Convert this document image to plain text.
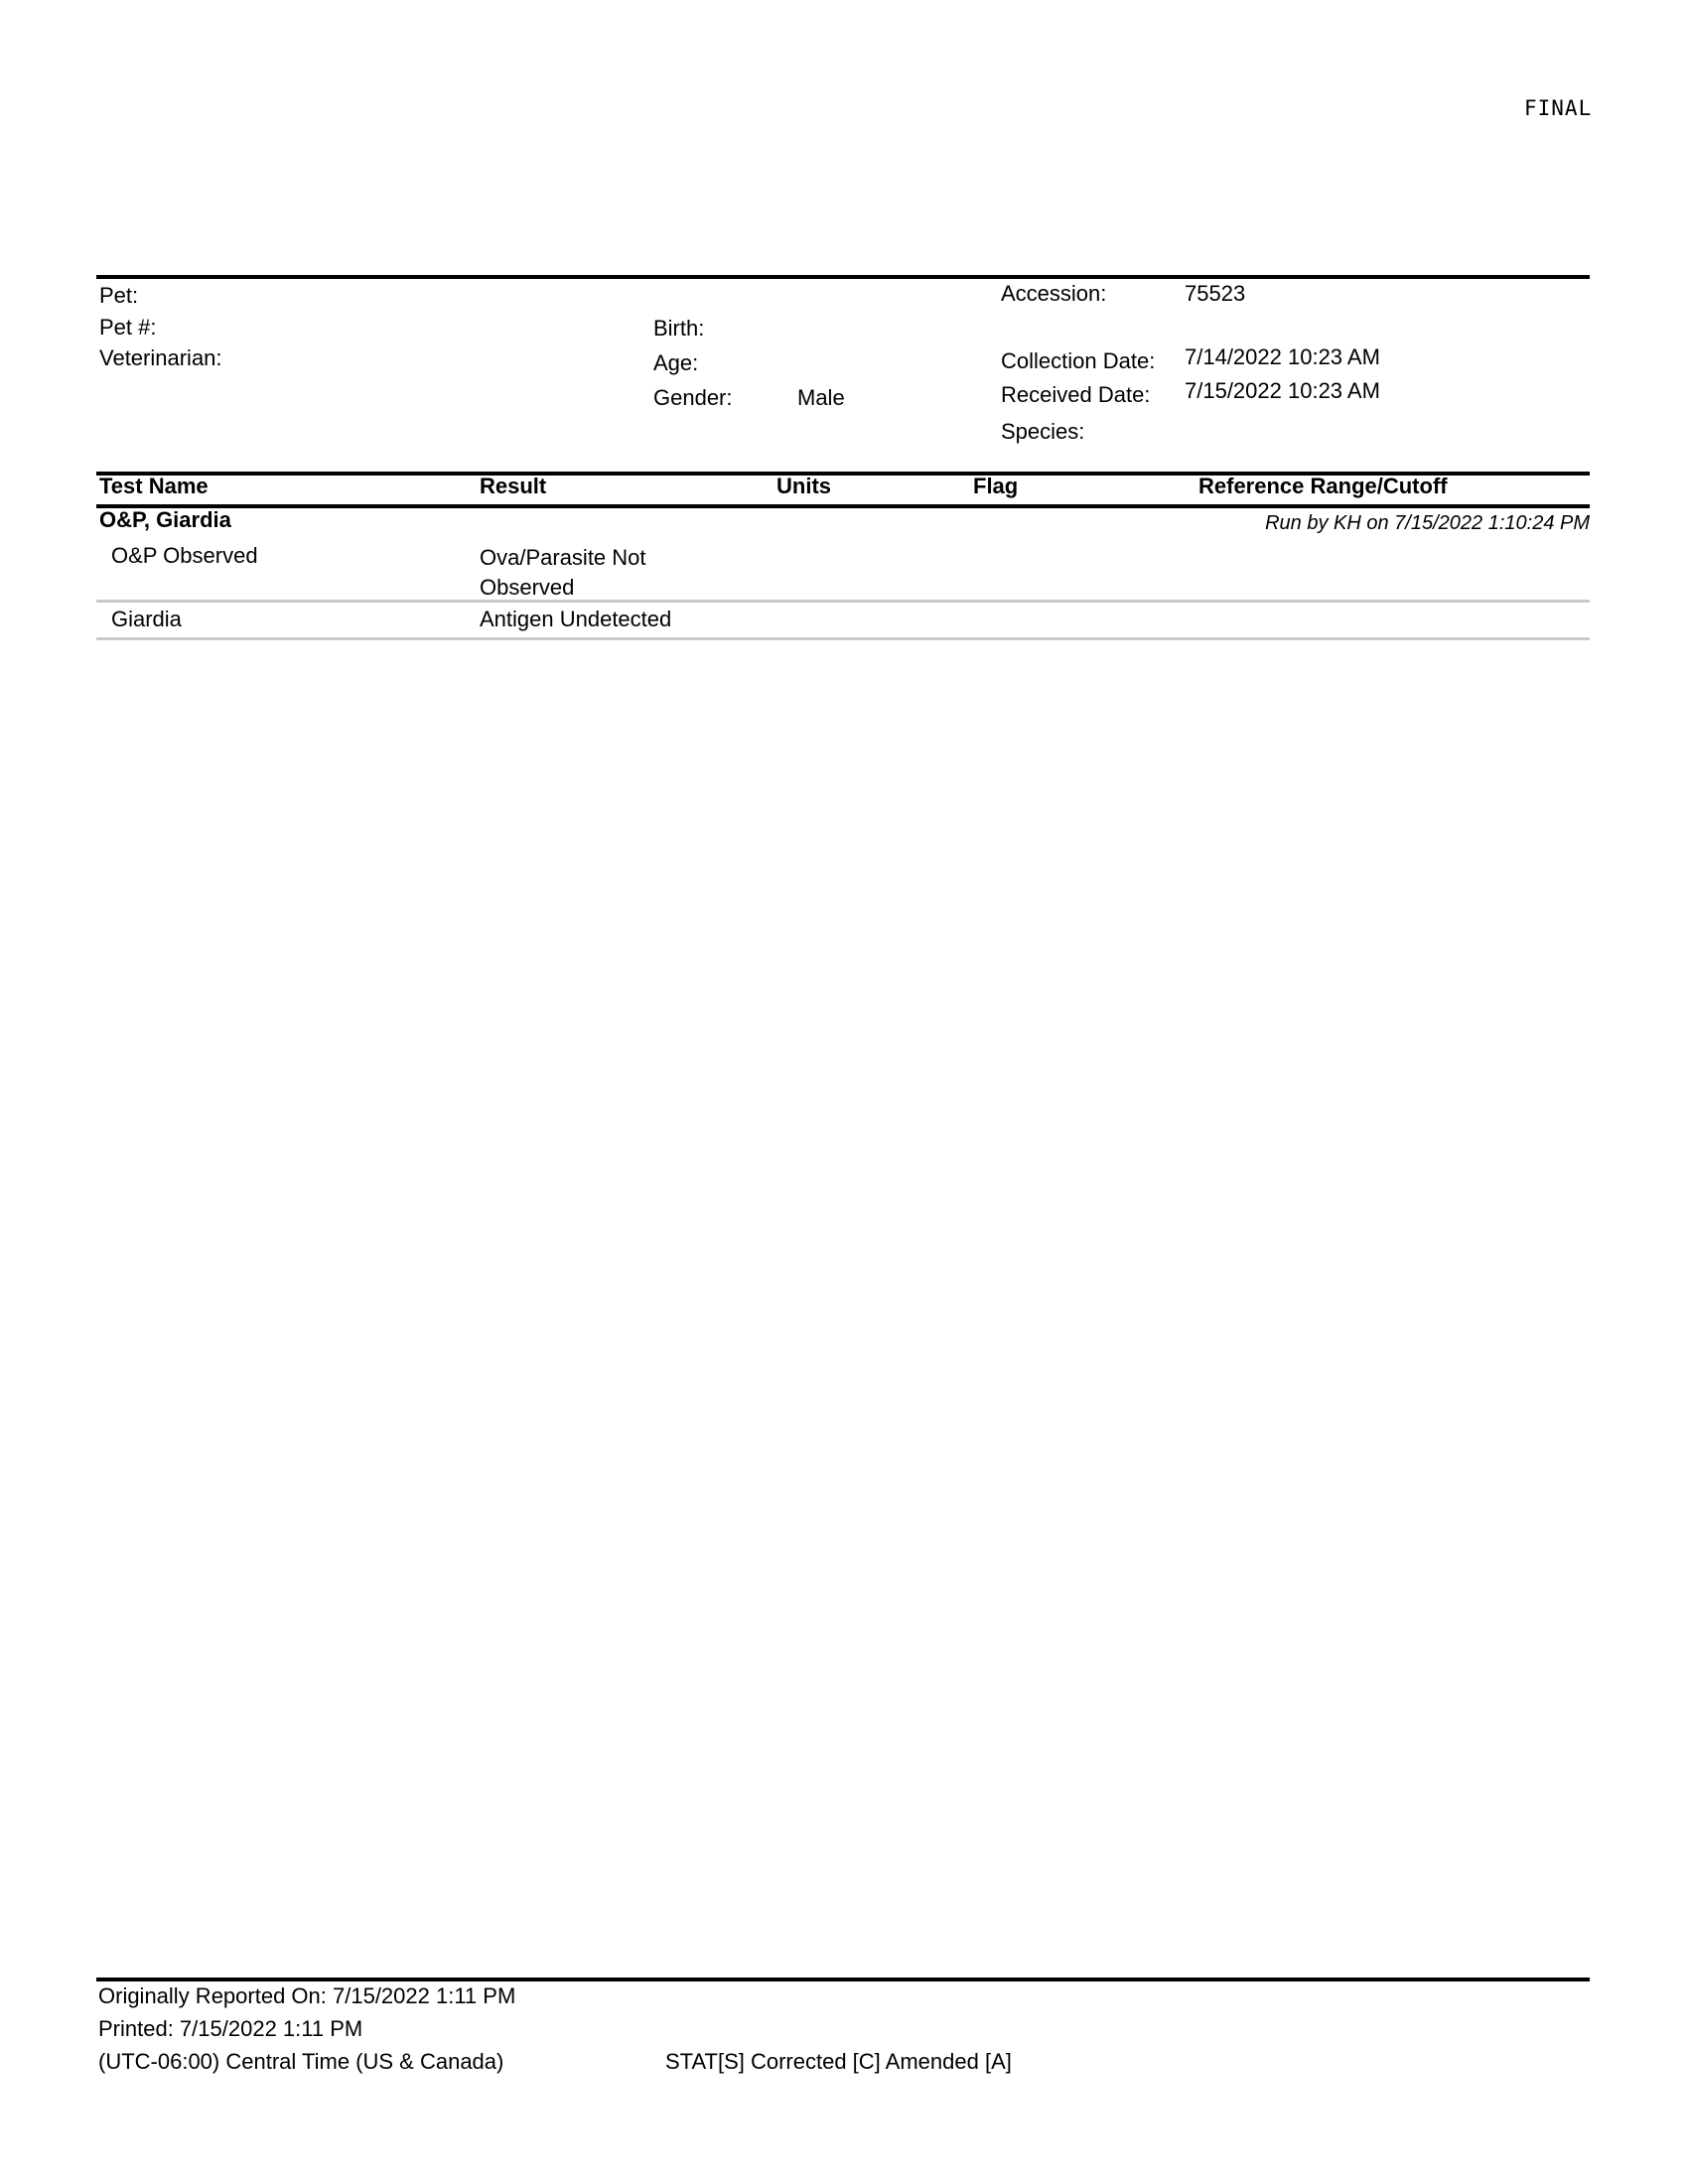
FINAL
Pet:
Pet #:
Veterinarian:
Birth:
Age:
Gender:	Male
Accession:	75523
Collection Date: 7/14/2022 10:23 AM
Received Date: 7/15/2022 10:23 AM
Species:
Test Name	Result	Units	Flag	Reference Range/Cutoff
O&P, Giardia	Run by KH on 7/15/2022 1:10:24 PM
O&P Observed	Ova/Parasite Not Observed
Giardia	Antigen Undetected
Originally Reported On: 7/15/2022 1:11 PM
Printed: 7/15/2022 1:11 PM
(UTC-06:00) Central Time (US & Canada)	STAT[S] Corrected [C] Amended [A]
